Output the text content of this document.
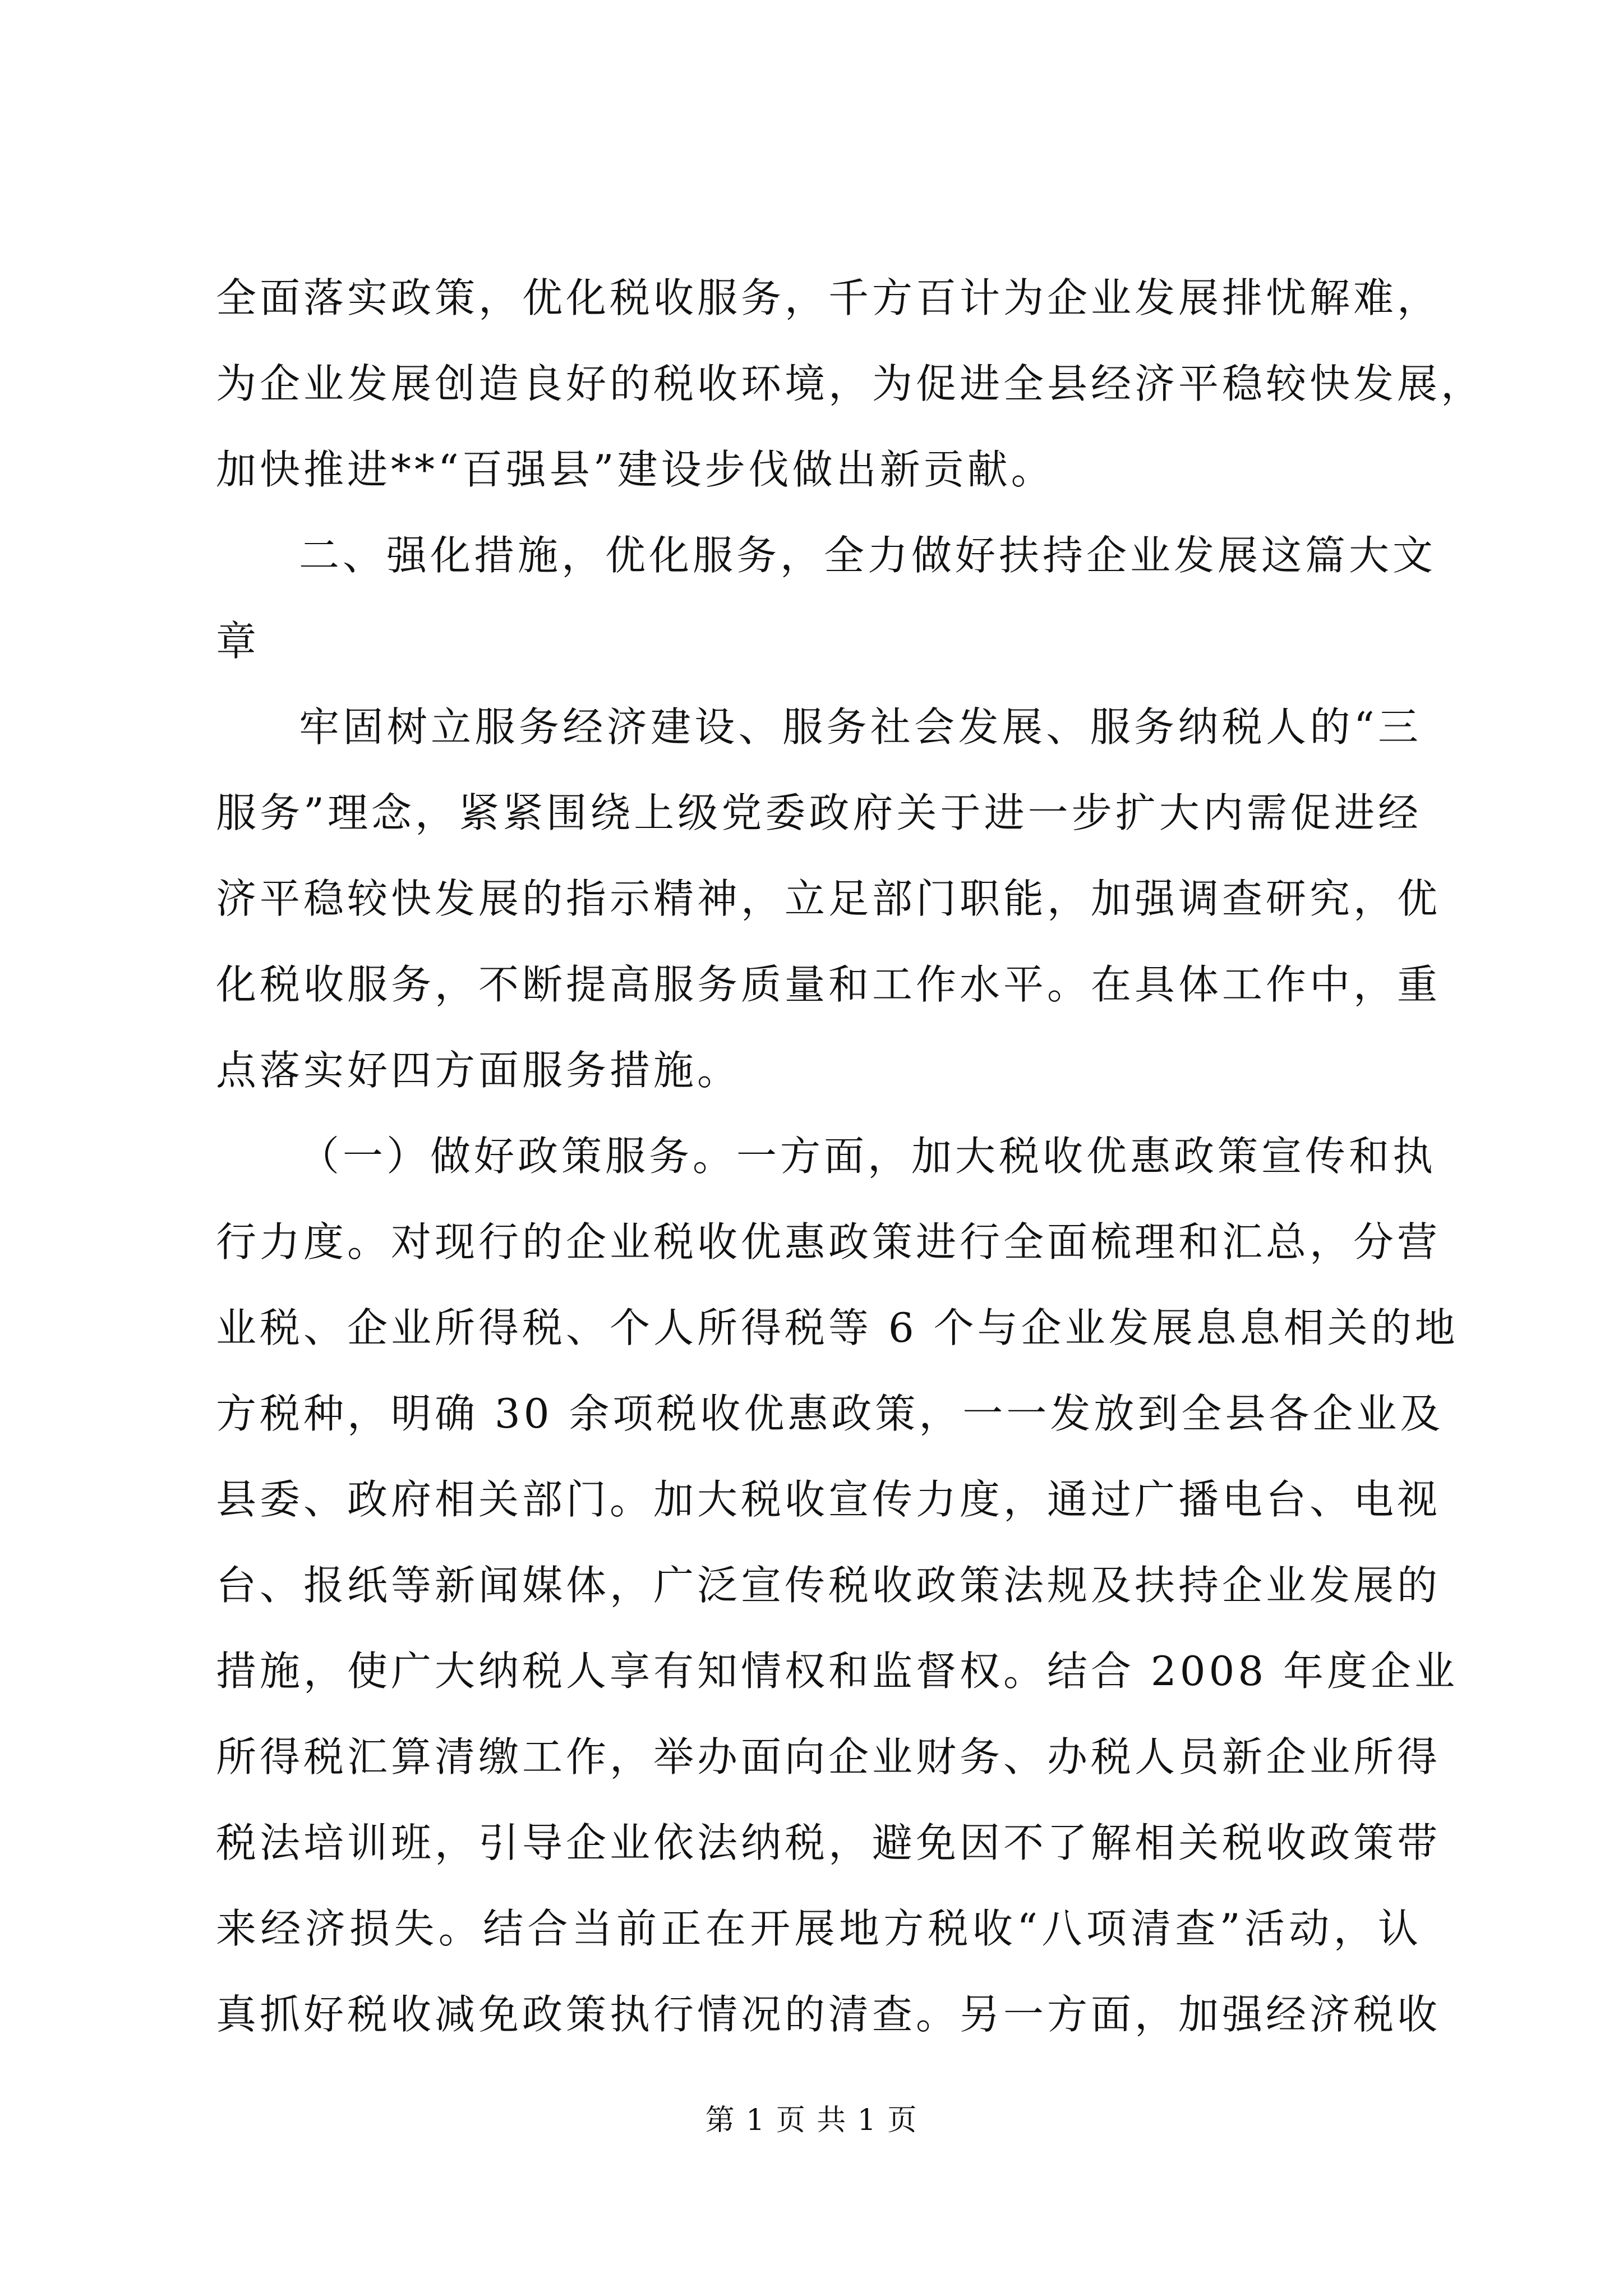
全面落实政策，优化税收服务，千方百计为企业发展排忧解难，
为企业发展创造良好的税收环境，为促进全县经济平稳较快发展，
加快推进**“百强县”建设步伐做出新贡献。
二、强化措施，优化服务，全力做好扶持企业发展这篇大文
章
牢固树立服务经济建设、服务社会发展、服务纳税人的“三
服务”理念，紧紧围绕上级党委政府关于进一步扩大内需促进经
济平稳较快发展的指示精神，立足部门职能，加强调查研究，优
化税收服务，不断提高服务质量和工作水平。在具体工作中，重
点落实好四方面服务措施。
（一）做好政策服务。一方面，加大税收优惠政策宣传和执
行力度。对现行的企业税收优惠政策进行全面梳理和汇总，分营
业税、企业所得税、个人所得税等 6 个与企业发展息息相关的地
方税种，明确 30 余项税收优惠政策，一一发放到全县各企业及
县委、政府相关部门。加大税收宣传力度，通过广播电台、电视
台、报纸等新闻媒体，广泛宣传税收政策法规及扶持企业发展的
措施，使广大纳税人享有知情权和监督权。结合 2008 年度企业
所得税汇算清缴工作，举办面向企业财务、办税人员新企业所得
税法培训班，引导企业依法纳税，避免因不了解相关税收政策带
来经济损失。结合当前正在开展地方税收“八项清查”活动，认
真抓好税收减免政策执行情况的清查。另一方面，加强经济税收
第 1 页 共 1 页
